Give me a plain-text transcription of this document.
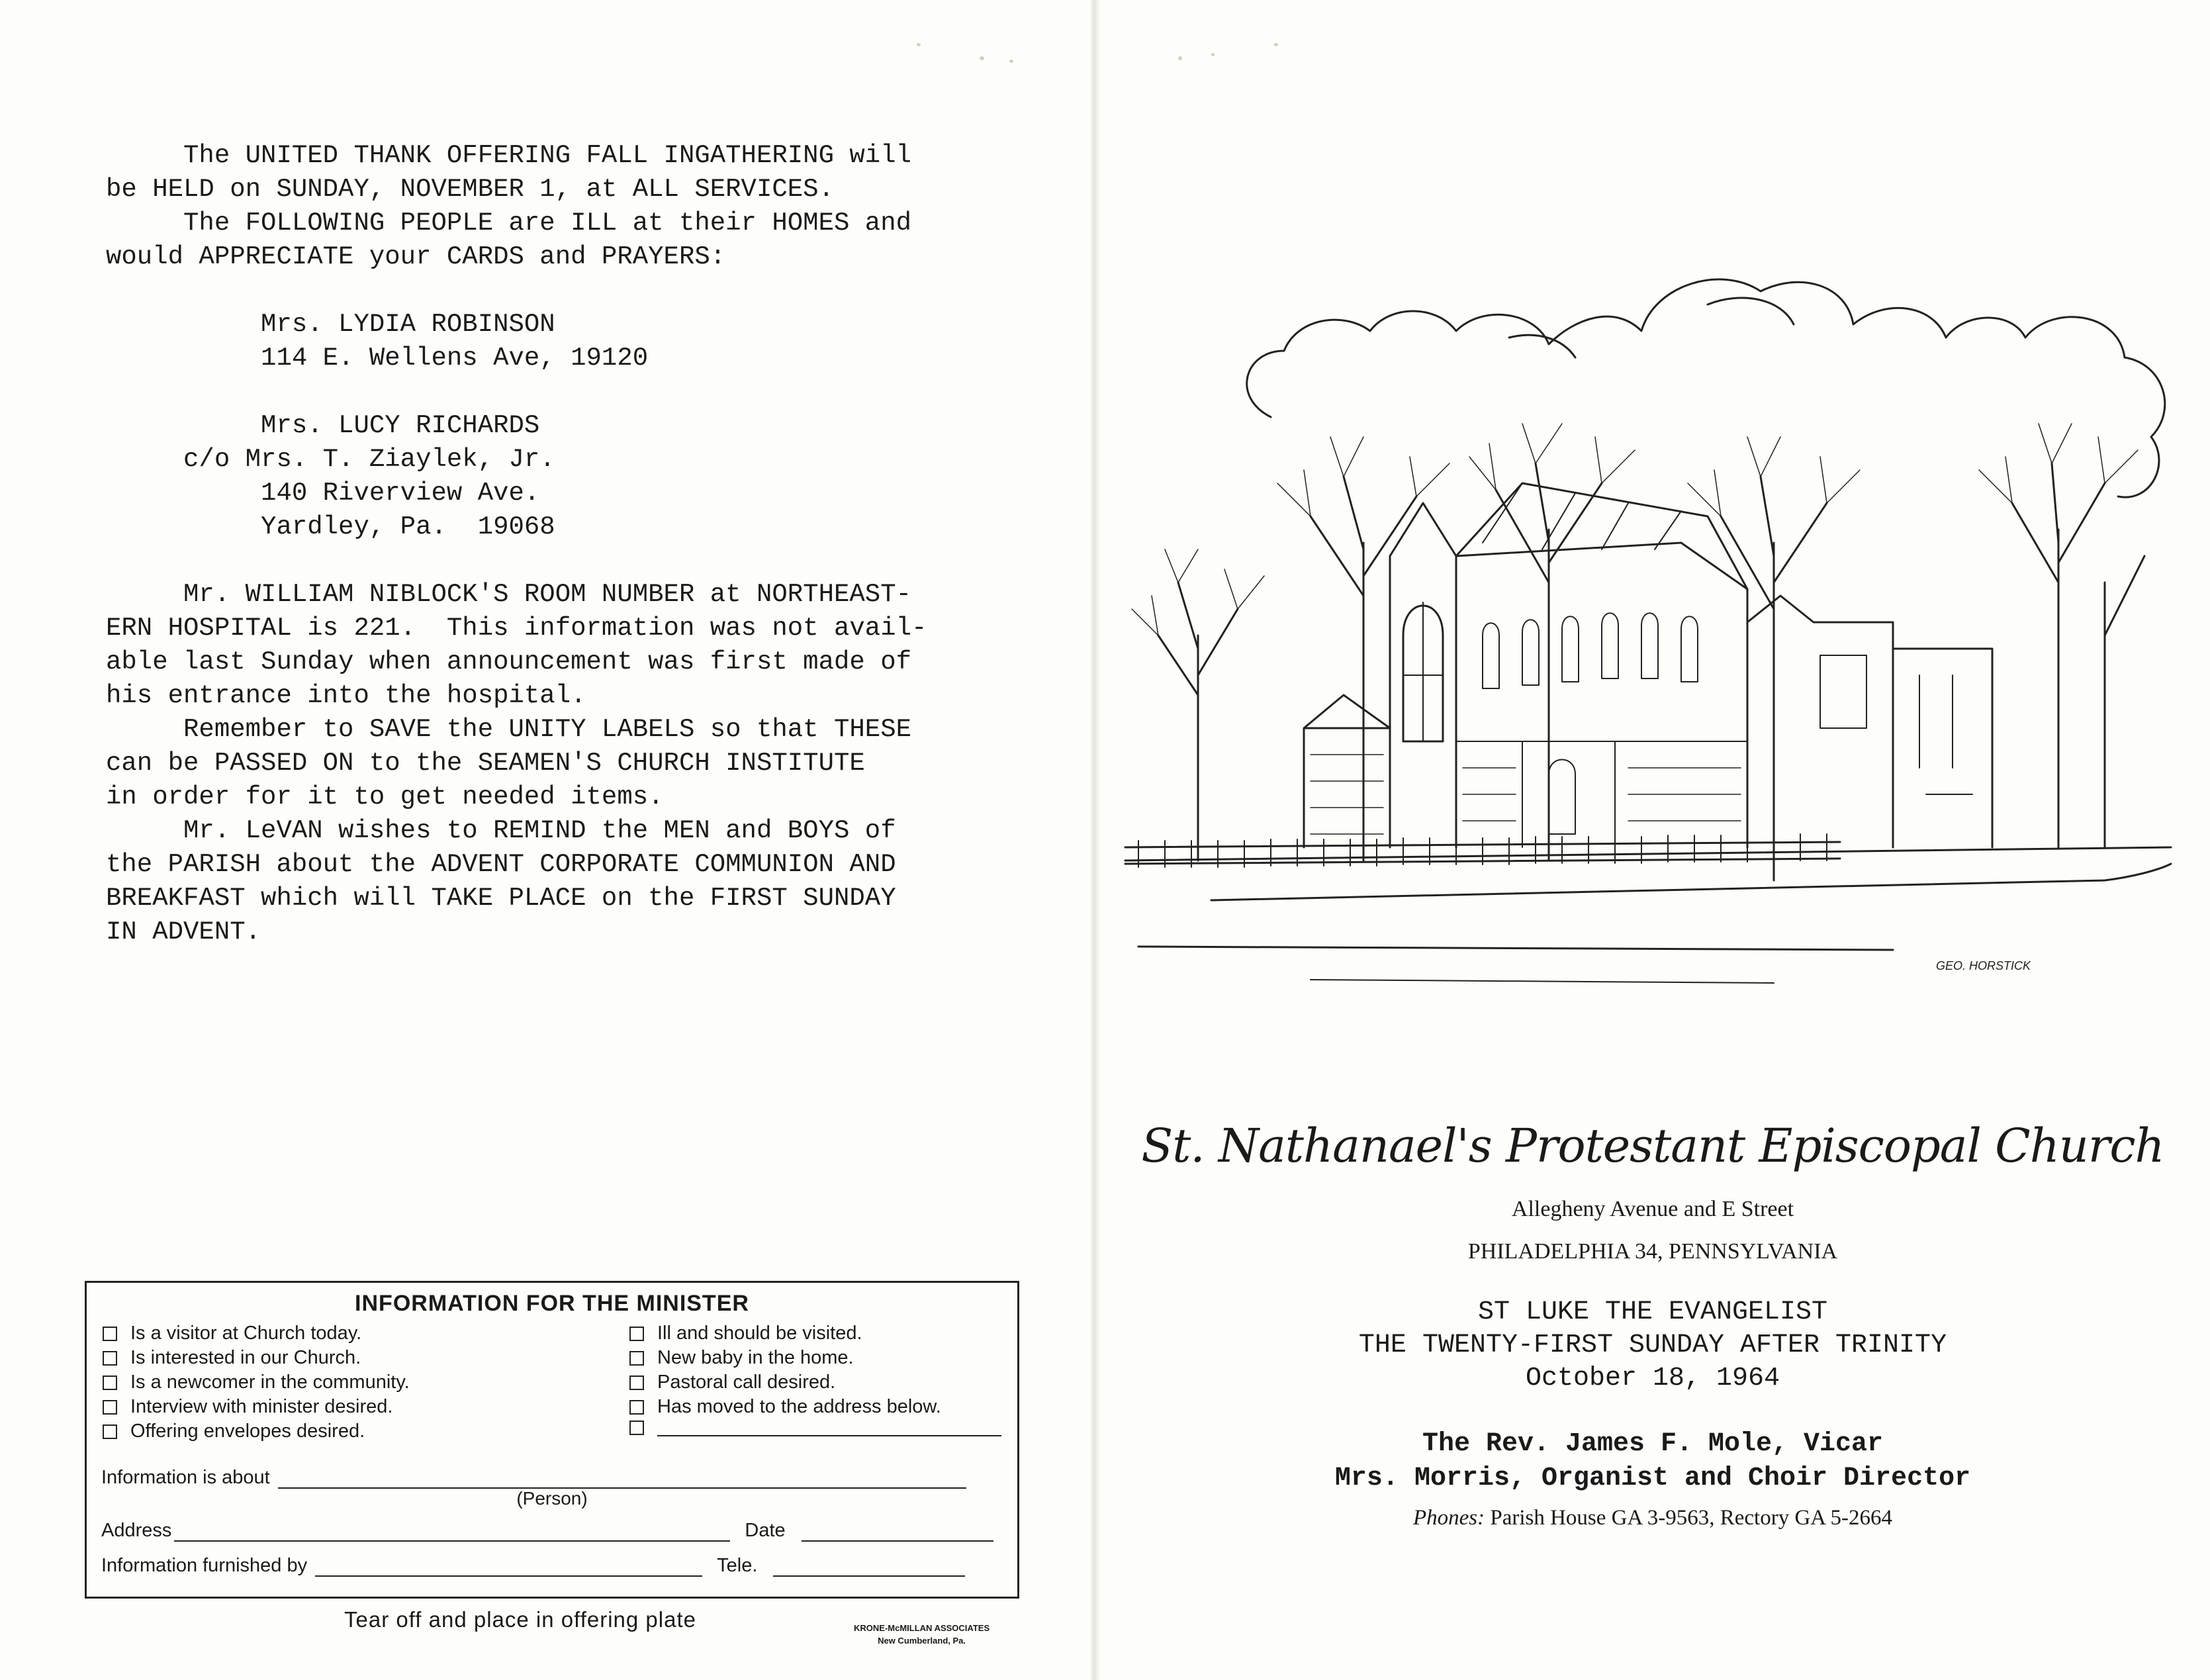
The UNITED THANK OFFERING FALL INGATHERING will
be HELD on SUNDAY, NOVEMBER 1, at ALL SERVICES.
The FOLLOWING PEOPLE are ILL at their HOMES and
would APPRECIATE your CARDS and PRAYERS:

Mrs. LYDIA ROBINSON
114 E. Wellens Ave, 19120

Mrs. LUCY RICHARDS
c/o Mrs. T. Ziaylek, Jr.
140 Riverview Ave.
Yardley, Pa.  19068

Mr. WILLIAM NIBLOCK'S ROOM NUMBER at NORTHEAST-
ERN HOSPITAL is 221.  This information was not avail-
able last Sunday when announcement was first made of
his entrance into the hospital.
Remember to SAVE the UNITY LABELS so that THESE
can be PASSED ON to the SEAMEN'S CHURCH INSTITUTE
in order for it to get needed items.
Mr. LeVAN wishes to REMIND the MEN and BOYS of
the PARISH about the ADVENT CORPORATE COMMUNION AND
BREAKFAST which will TAKE PLACE on the FIRST SUNDAY
IN ADVENT.
INFORMATION FOR THE MINISTER
Is a visitor at Church today.
Is interested in our Church.
Is a newcomer in the community.
Interview with minister desired.
Offering envelopes desired.
Ill and should be visited.
New baby in the home.
Pastoral call desired.
Has moved to the address below.
Information is about
(Person)
Address	Date
Information furnished by	Tele.
Tear off and place in offering plate	KRONE-McMILLAN ASSOCIATES
New Cumberland, Pa.
GEO. HORSTICK
St. Nathanael's Protestant Episcopal Church
Allegheny Avenue and E Street
PHILADELPHIA 34, PENNSYLVANIA
ST LUKE THE EVANGELIST
THE TWENTY-FIRST SUNDAY AFTER TRINITY
October 18, 1964
The Rev. James F. Mole, Vicar
Mrs. Morris, Organist and Choir Director
Phones: Parish House GA 3-9563, Rectory GA 5-2664
